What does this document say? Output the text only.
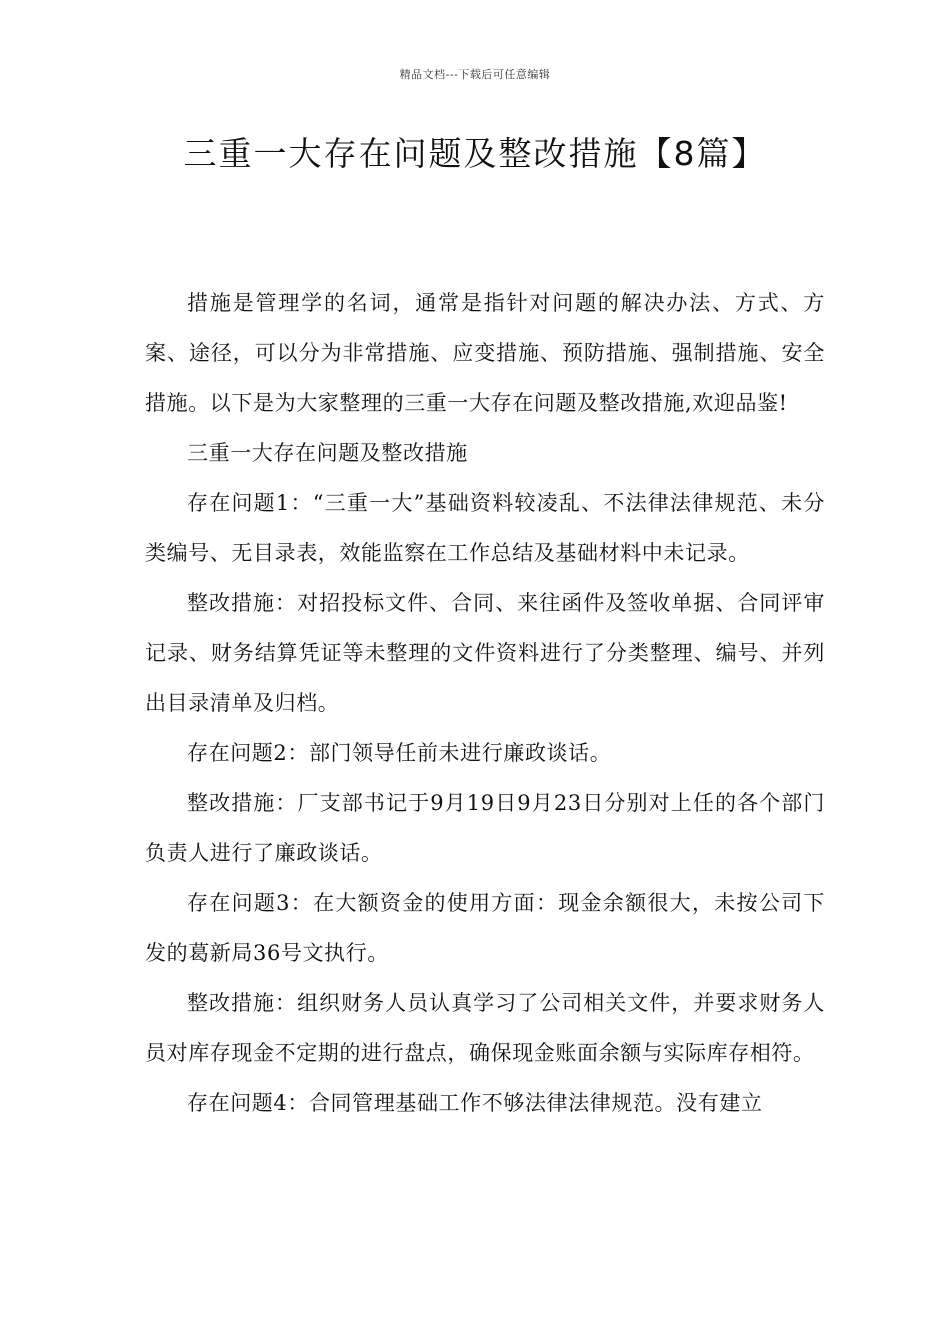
精品文档---下载后可任意编辑
三重一大存在问题及整改措施【8篇】

措施是管理学的名词，通常是指针对问题的解决办法、方式、方案、途径，可以分为非常措施、应变措施、预防措施、强制措施、安全措施。以下是为大家整理的三重一大存在问题及整改措施,欢迎品鉴!

三重一大存在问题及整改措施

存在问题1：“三重一大”基础资料较凌乱、不法律法律规范、未分类编号、无目录表，效能监察在工作总结及基础材料中未记录。

整改措施：对招投标文件、合同、来往函件及签收单据、合同评审记录、财务结算凭证等未整理的文件资料进行了分类整理、编号、并列出目录清单及归档。

存在问题2：部门领导任前未进行廉政谈话。

整改措施：厂支部书记于9月19日9月23日分别对上任的各个部门负责人进行了廉政谈话。

存在问题3：在大额资金的使用方面：现金余额很大，未按公司下发的葛新局36号文执行。

整改措施：组织财务人员认真学习了公司相关文件，并要求财务人员对库存现金不定期的进行盘点，确保现金账面余额与实际库存相符。

存在问题4：合同管理基础工作不够法律法律规范。没有建立
